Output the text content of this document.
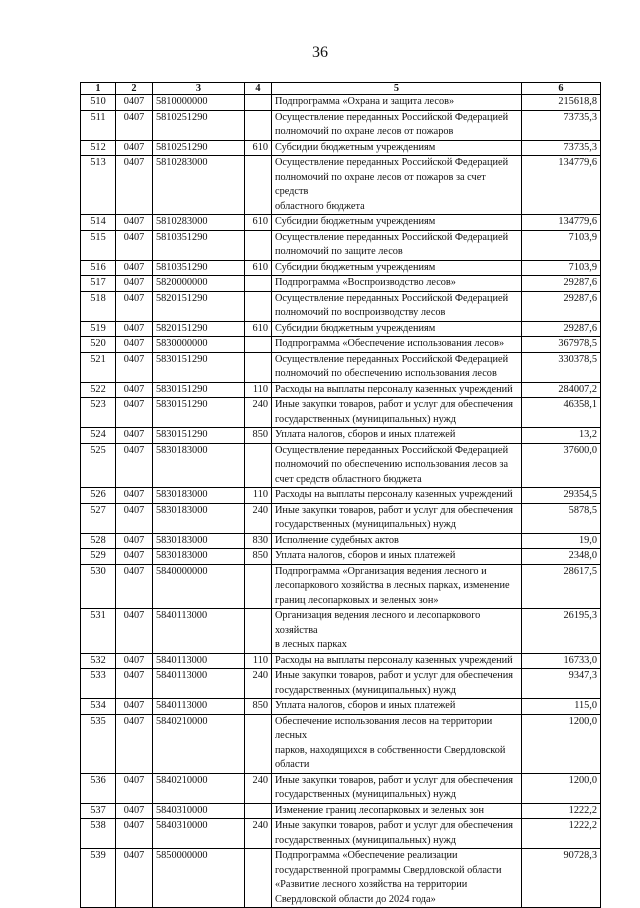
36
1	2	3	4	5	6
510	0407	5810000000		Подпрограмма «Охрана и защита лесов»	215618,8
511	0407	5810251290		Осуществление переданных Российской Федерацией
полномочий по охране лесов от пожаров	73735,3
512	0407	5810251290	610	Субсидии бюджетным учреждениям	73735,3
513	0407	5810283000		Осуществление переданных Российской Федерацией
полномочий по охране лесов от пожаров за счет средств
областного бюджета	134779,6
514	0407	5810283000	610	Субсидии бюджетным учреждениям	134779,6
515	0407	5810351290		Осуществление переданных Российской Федерацией
полномочий по защите лесов	7103,9
516	0407	5810351290	610	Субсидии бюджетным учреждениям	7103,9
517	0407	5820000000		Подпрограмма «Воспроизводство лесов»	29287,6
518	0407	5820151290		Осуществление переданных Российской Федерацией
полномочий по воспроизводству лесов	29287,6
519	0407	5820151290	610	Субсидии бюджетным учреждениям	29287,6
520	0407	5830000000		Подпрограмма «Обеспечение использования лесов»	367978,5
521	0407	5830151290		Осуществление переданных Российской Федерацией
полномочий по обеспечению использования лесов	330378,5
522	0407	5830151290	110	Расходы на выплаты персоналу казенных учреждений	284007,2
523	0407	5830151290	240	Иные закупки товаров, работ и услуг для обеспечения
государственных (муниципальных) нужд	46358,1
524	0407	5830151290	850	Уплата налогов, сборов и иных платежей	13,2
525	0407	5830183000		Осуществление переданных Российской Федерацией
полномочий по обеспечению использования лесов за
счет средств областного бюджета	37600,0
526	0407	5830183000	110	Расходы на выплаты персоналу казенных учреждений	29354,5
527	0407	5830183000	240	Иные закупки товаров, работ и услуг для обеспечения
государственных (муниципальных) нужд	5878,5
528	0407	5830183000	830	Исполнение судебных актов	19,0
529	0407	5830183000	850	Уплата налогов, сборов и иных платежей	2348,0
530	0407	5840000000		Подпрограмма «Организация ведения лесного и
лесопаркового хозяйства в лесных парках, изменение
границ лесопарковых и зеленых зон»	28617,5
531	0407	5840113000		Организация ведения лесного и лесопаркового хозяйства
в лесных парках	26195,3
532	0407	5840113000	110	Расходы на выплаты персоналу казенных учреждений	16733,0
533	0407	5840113000	240	Иные закупки товаров, работ и услуг для обеспечения
государственных (муниципальных) нужд	9347,3
534	0407	5840113000	850	Уплата налогов, сборов и иных платежей	115,0
535	0407	5840210000		Обеспечение использования лесов на территории лесных
парков, находящихся в собственности Свердловской
области	1200,0
536	0407	5840210000	240	Иные закупки товаров, работ и услуг для обеспечения
государственных (муниципальных) нужд	1200,0
537	0407	5840310000		Изменение границ лесопарковых и зеленых зон	1222,2
538	0407	5840310000	240	Иные закупки товаров, работ и услуг для обеспечения
государственных (муниципальных) нужд	1222,2
539	0407	5850000000		Подпрограмма «Обеспечение реализации
государственной программы Свердловской области
«Развитие лесного хозяйства на территории
Свердловской области до 2024 года»	90728,3
